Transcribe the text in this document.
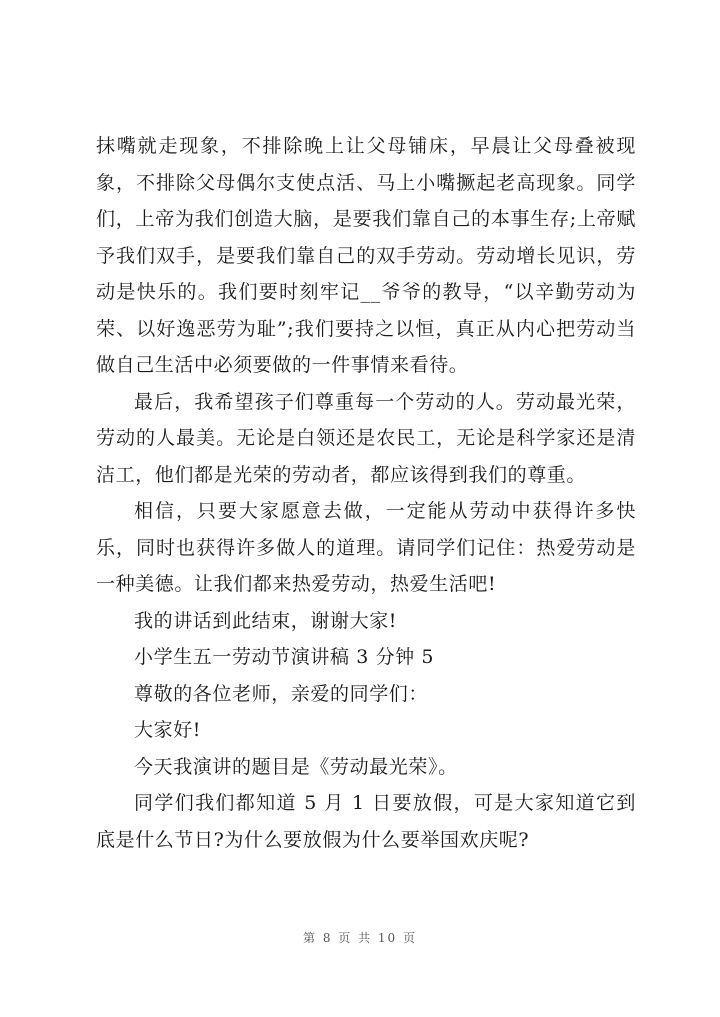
抹嘴就走现象，不排除晚上让父母铺床，早晨让父母叠被现象，不排除父母偶尔支使点活、马上小嘴撅起老高现象。同学们，上帝为我们创造大脑，是要我们靠自己的本事生存;上帝赋予我们双手，是要我们靠自己的双手劳动。劳动增长见识，劳动是快乐的。我们要时刻牢记__爷爷的教导，“以辛勤劳动为荣、以好逸恶劳为耻”;我们要持之以恒，真正从内心把劳动当做自己生活中必须要做的一件事情来看待。

最后，我希望孩子们尊重每一个劳动的人。劳动最光荣，劳动的人最美。无论是白领还是农民工，无论是科学家还是清洁工，他们都是光荣的劳动者，都应该得到我们的尊重。

相信，只要大家愿意去做，一定能从劳动中获得许多快乐，同时也获得许多做人的道理。请同学们记住：热爱劳动是一种美德。让我们都来热爱劳动，热爱生活吧!

我的讲话到此结束，谢谢大家!

小学生五一劳动节演讲稿 3 分钟 5

尊敬的各位老师，亲爱的同学们：

大家好!

今天我演讲的题目是《劳动最光荣》。

同学们我们都知道 5 月 1 日要放假，可是大家知道它到底是什么节日?为什么要放假为什么要举国欢庆呢?

第 8 页 共 10 页
